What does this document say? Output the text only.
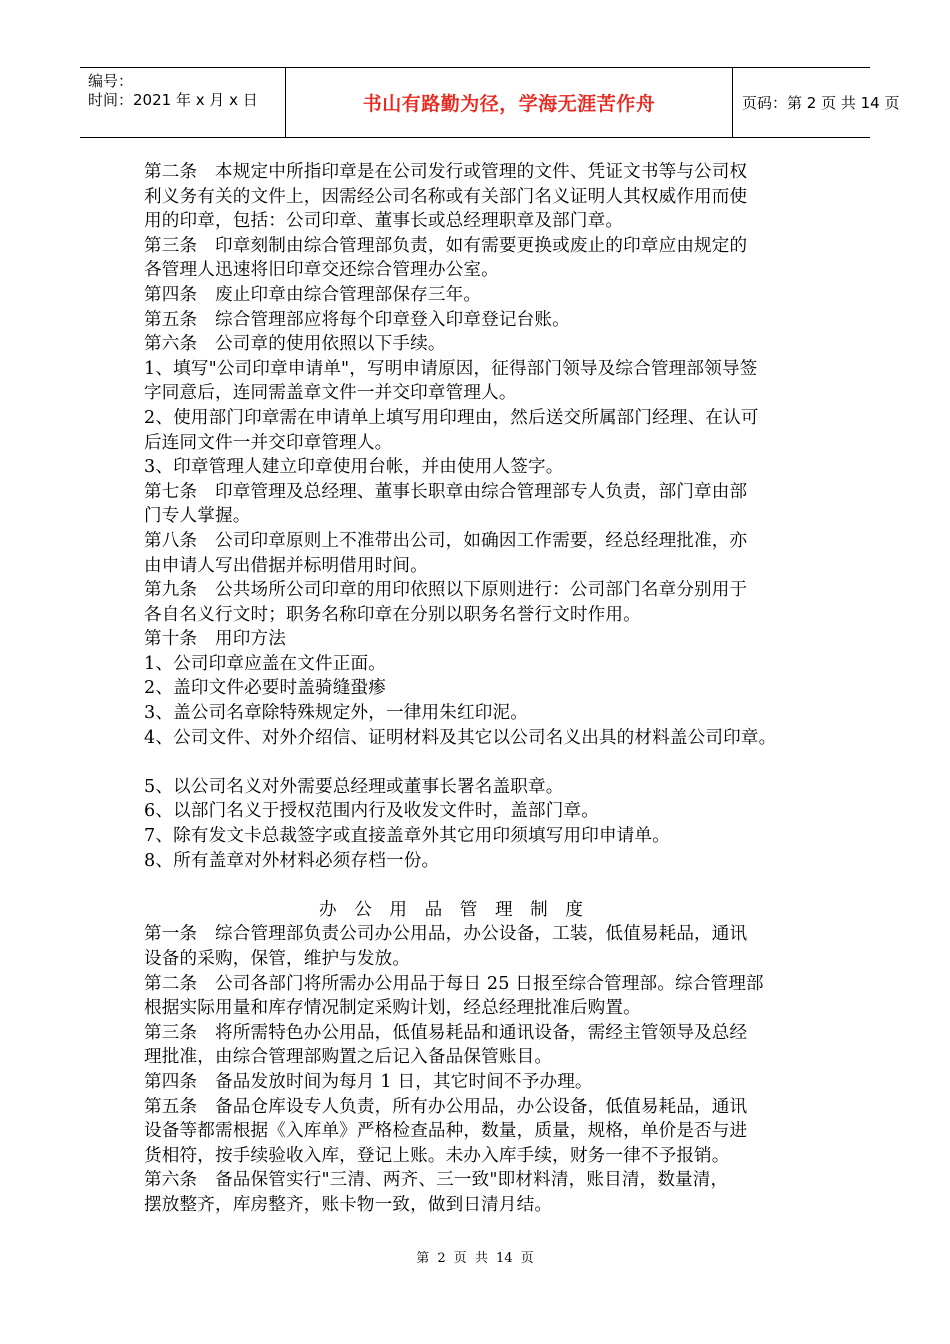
编号：
时间：2021 年 x 月 x 日	书山有路勤为径，学海无涯苦作舟	页码：第 2 页 共 14 页
第二条　本规定中所指印章是在公司发行或管理的文件、凭证文书等与公司权
利义务有关的文件上，因需经公司名称或有关部门名义证明人其权威作用而使
用的印章，包括：公司印章、董事长或总经理职章及部门章。
第三条　印章刻制由综合管理部负责，如有需要更换或废止的印章应由规定的
各管理人迅速将旧印章交还综合管理办公室。
第四条　废止印章由综合管理部保存三年。
第五条　综合管理部应将每个印章登入印章登记台账。
第六条　公司章的使用依照以下手续。
1、填写"公司印章申请单"，写明申请原因，征得部门领导及综合管理部领导签
字同意后，连同需盖章文件一并交印章管理人。
2、使用部门印章需在申请单上填写用印理由，然后送交所属部门经理、在认可
后连同文件一并交印章管理人。
3、印章管理人建立印章使用台帐，并由使用人签字。
第七条　印章管理及总经理、董事长职章由综合管理部专人负责，部门章由部
门专人掌握。
第八条　公司印章原则上不准带出公司，如确因工作需要，经总经理批准，亦
由申请人写出借据并标明借用时间。
第九条　公共场所公司印章的用印依照以下原则进行：公司部门名章分别用于
各自名义行文时；职务名称印章在分别以职务名誉行文时作用。
第十条　用印方法
1、公司印章应盖在文件正面。
2、盖印文件必要时盖骑缝蛩瘆
3、盖公司名章除特殊规定外，一律用朱红印泥。
4、公司文件、对外介绍信、证明材料及其它以公司名义出具的材料盖公司印章。
5、以公司名义对外需要总经理或董事长署名盖职章。
6、以部门名义于授权范围内行及收发文件时，盖部门章。
7、除有发文卡总裁签字或直接盖章外其它用印须填写用印申请单。
8、所有盖章对外材料必须存档一份。
办　公　用　品　管　理　制　度
第一条　综合管理部负责公司办公用品，办公设备，工装，低值易耗品，通讯
设备的采购，保管，维护与发放。
第二条　公司各部门将所需办公用品于每日 25 日报至综合管理部。综合管理部
根据实际用量和库存情况制定采购计划，经总经理批准后购置。
第三条　将所需特色办公用品，低值易耗品和通讯设备，需经主管领导及总经
理批准，由综合管理部购置之后记入备品保管账目。
第四条　备品发放时间为每月 1 日，其它时间不予办理。
第五条　备品仓库设专人负责，所有办公用品，办公设备，低值易耗品，通讯
设备等都需根据《入库单》严格检查品种，数量，质量，规格，单价是否与进
货相符，按手续验收入库，登记上账。未办入库手续，财务一律不予报销。
第六条　备品保管实行"三清、两齐、三一致"即材料清，账目清，数量清，
摆放整齐，库房整齐，账卡物一致，做到日清月结。
第 2 页 共 14 页
